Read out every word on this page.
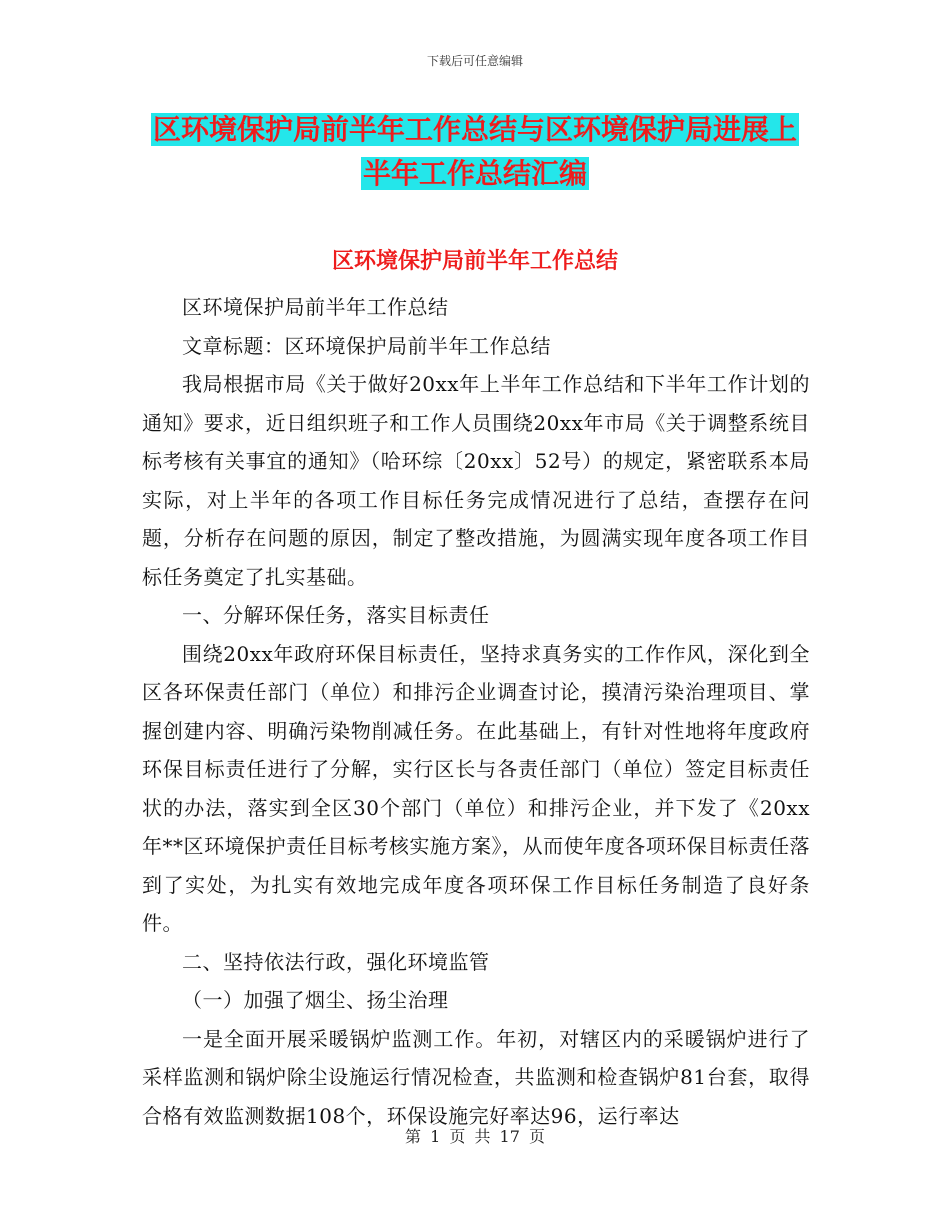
下载后可任意编辑
区环境保护局前半年工作总结与区环境保护局进展上
半年工作总结汇编
区环境保护局前半年工作总结

区环境保护局前半年工作总结

文章标题：区环境保护局前半年工作总结

我局根据市局《关于做好20xx年上半年工作总结和下半年工作计划的通知》要求，近日组织班子和工作人员围绕20xx年市局《关于调整系统目标考核有关事宜的通知》（哈环综〔20xx〕52号）的规定，紧密联系本局实际，对上半年的各项工作目标任务完成情况进行了总结，查摆存在问题，分析存在问题的原因，制定了整改措施，为圆满实现年度各项工作目标任务奠定了扎实基础。

一、分解环保任务，落实目标责任

围绕20xx年政府环保目标责任，坚持求真务实的工作作风，深化到全区各环保责任部门（单位）和排污企业调查讨论，摸清污染治理项目、掌握创建内容、明确污染物削减任务。在此基础上，有针对性地将年度政府环保目标责任进行了分解，实行区长与各责任部门（单位）签定目标责任状的办法，落实到全区30个部门（单位）和排污企业，并下发了《20xx年**区环境保护责任目标考核实施方案》，从而使年度各项环保目标责任落到了实处，为扎实有效地完成年度各项环保工作目标任务制造了良好条件。

二、坚持依法行政，强化环境监管

（一）加强了烟尘、扬尘治理

一是全面开展采暖锅炉监测工作。年初，对辖区内的采暖锅炉进行了采样监测和锅炉除尘设施运行情况检查，共监测和检查锅炉81台套，取得合格有效监测数据108个，环保设施完好率达96，运行率达

第 1 页 共 17 页
